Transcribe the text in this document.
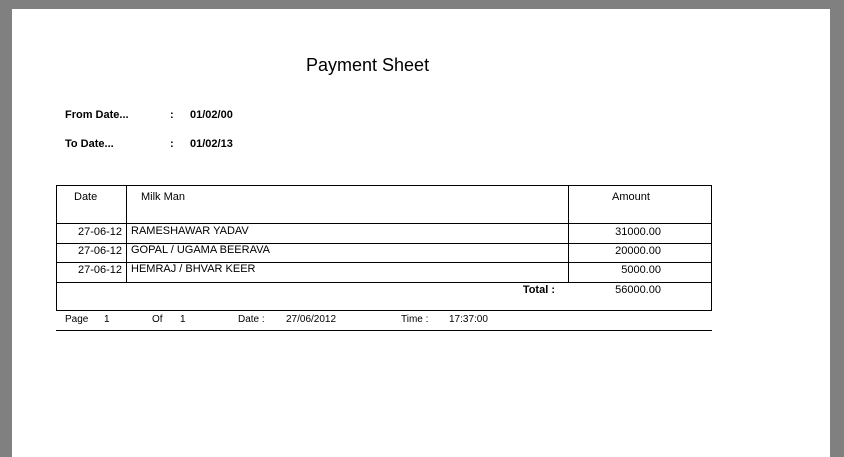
Payment Sheet
From Date...	: 01/02/00
To Date...	: 01/02/13
Date	Milk Man	Amount
27-06-12 RAMESHAWAR YADAV	31000.00
27-06-12 GOPAL / UGAMA BEERAVA	20000.00
27-06-12 HEMRAJ / BHVAR KEER	5000.00
Total :	56000.00
Page 1	Of 1	Date : 27/06/2012	Time : 17:37:00
